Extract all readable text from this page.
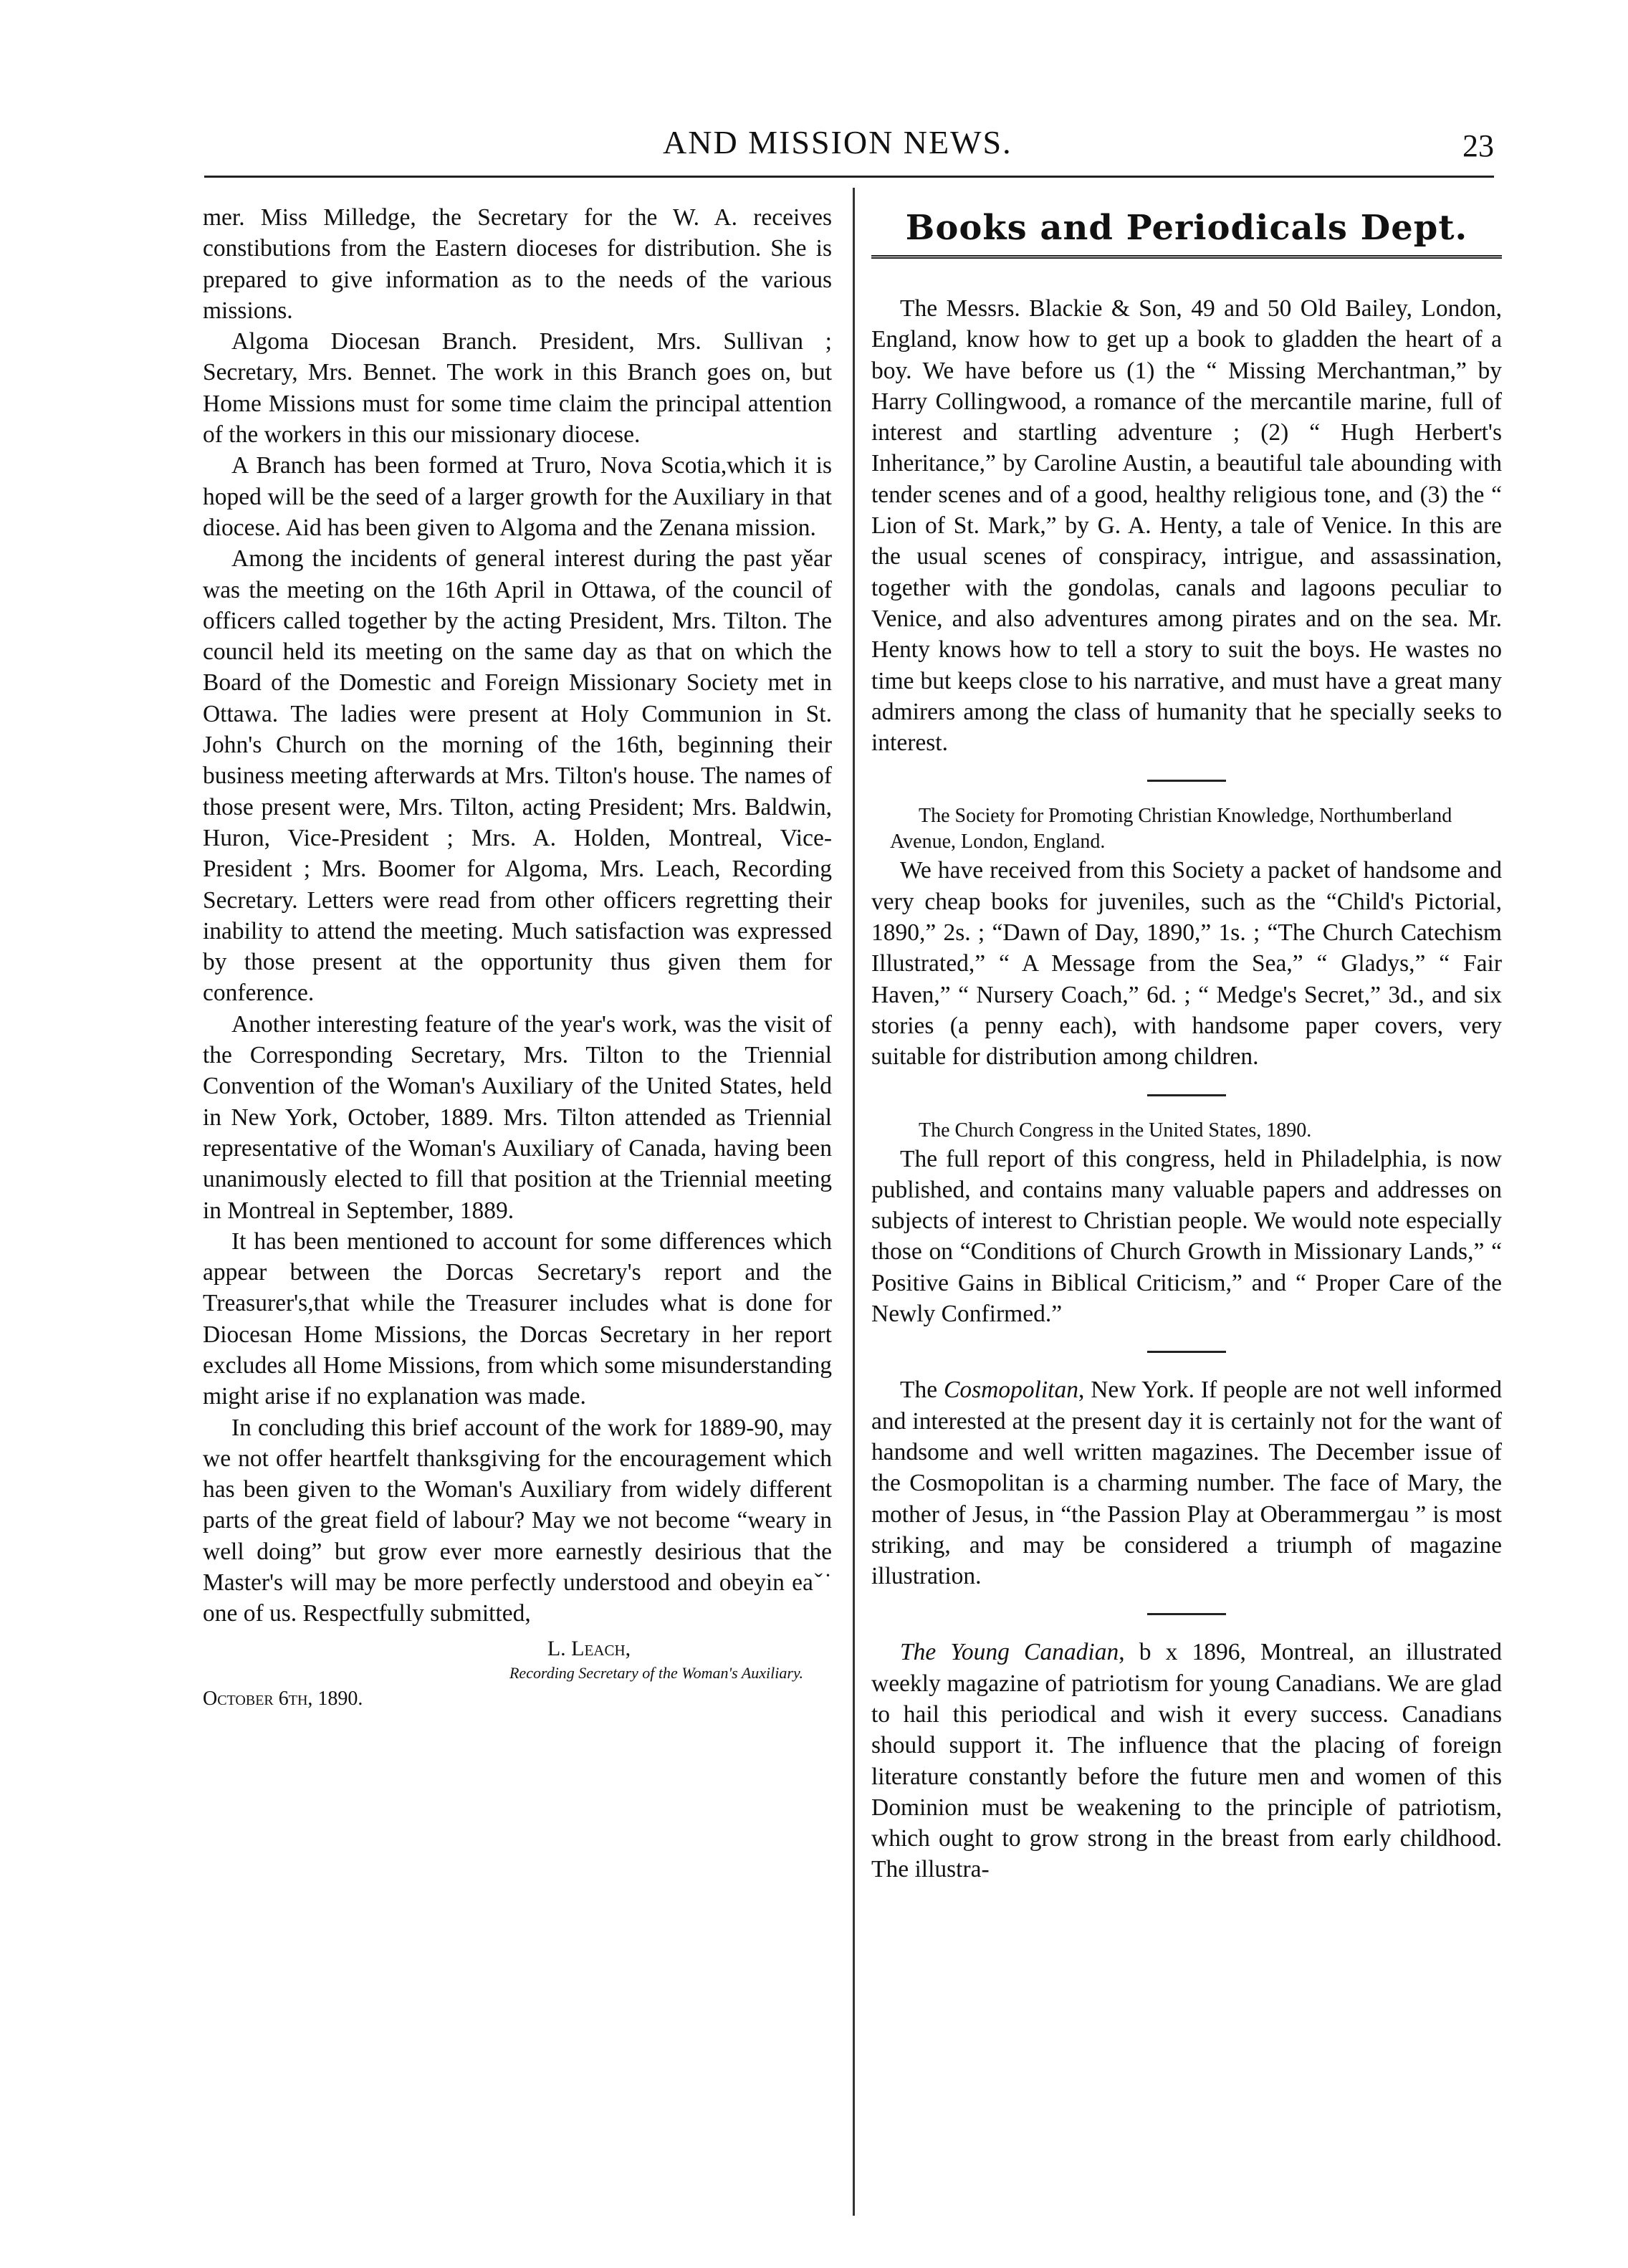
AND MISSION NEWS.	23

mer. Miss Milledge, the Secretary for the W. A. receives constibutions from the Eastern dioceses for distribution. She is prepared to give information as to the needs of the various missions.

Algoma Diocesan Branch. President, Mrs. Sullivan ; Secretary, Mrs. Bennet. The work in this Branch goes on, but Home Missions must for some time claim the principal attention of the workers in this our missionary diocese.

A Branch has been formed at Truro, Nova Scotia,which it is hoped will be the seed of a larger growth for the Auxiliary in that diocese. Aid has been given to Algoma and the Zenana mission.

Among the incidents of general interest during the past yěar was the meeting on the 16th April in Ottawa, of the council of officers called together by the acting President, Mrs. Tilton. The council held its meeting on the same day as that on which the Board of the Domestic and Foreign Missionary Society met in Ottawa. The ladies were present at Holy Communion in St. John's Church on the morning of the 16th, beginning their business meeting afterwards at Mrs. Tilton's house. The names of those present were, Mrs. Tilton, acting President; Mrs. Baldwin, Huron, Vice-President ; Mrs. A. Holden, Montreal, Vice-President ; Mrs. Boomer for Algoma, Mrs. Leach, Recording Secretary. Letters were read from other officers regretting their inability to attend the meeting. Much satisfaction was expressed by those present at the opportunity thus given them for conference.

Another interesting feature of the year's work, was the visit of the Corresponding Secretary, Mrs. Tilton to the Triennial Convention of the Woman's Auxiliary of the United States, held in New York, October, 1889. Mrs. Tilton attended as Triennial representative of the Woman's Auxiliary of Canada, having been unanimously elected to fill that position at the Triennial meeting in Montreal in September, 1889.

It has been mentioned to account for some differences which appear between the Dorcas Secretary's report and the Treasurer's,that while the Treasurer includes what is done for Diocesan Home Missions, the Dorcas Secretary in her report excludes all Home Missions, from which some misunderstanding might arise if no explanation was made.

In concluding this brief account of the work for 1889-90, may we not offer heartfelt thanksgiving for the encouragement which has been given to the Woman's Auxiliary from widely different parts of the great field of labour? May we not become “weary in well doing” but grow ever more earnestly desirious that the Master's will may be more perfectly understood and obeyin eaˇ˙ one of us. Respectfully submitted,

L. Leach,
Recording Secretary of the Woman's Auxiliary.
October 6th, 1890.
Books and Periodicals Dept.

The Messrs. Blackie & Son, 49 and 50 Old Bailey, London, England, know how to get up a book to gladden the heart of a boy. We have before us (1) the “ Missing Merchantman,” by Harry Collingwood, a romance of the mercantile marine, full of interest and startling adventure ; (2) “ Hugh Herbert's Inheritance,” by Caroline Austin, a beautiful tale abounding with tender scenes and of a good, healthy religious tone, and (3) the “ Lion of St. Mark,” by G. A. Henty, a tale of Venice. In this are the usual scenes of conspiracy, intrigue, and assassination, together with the gondolas, canals and lagoons peculiar to Venice, and also adventures among pirates and on the sea. Mr. Henty knows how to tell a story to suit the boys. He wastes no time but keeps close to his narrative, and must have a great many admirers among the class of humanity that he specially seeks to interest.

The Society for Promoting Christian Knowledge, Northumberland Avenue, London, England.

We have received from this Society a packet of handsome and very cheap books for juveniles, such as the “Child's Pictorial, 1890,” 2s. ; “Dawn of Day, 1890,” 1s. ; “The Church Catechism Illustrated,” “ A Message from the Sea,” “ Gladys,” “ Fair Haven,” “ Nursery Coach,” 6d. ; “ Medge's Secret,” 3d., and six stories (a penny each), with handsome paper covers, very suitable for distribution among children.

The Church Congress in the United States, 1890.

The full report of this congress, held in Philadelphia, is now published, and contains many valuable papers and addresses on subjects of interest to Christian people. We would note especially those on “Conditions of Church Growth in Missionary Lands,” “ Positive Gains in Biblical Criticism,” and “ Proper Care of the Newly Confirmed.”

The Cosmopolitan, New York. If people are not well informed and interested at the present day it is certainly not for the want of handsome and well written magazines. The December issue of the Cosmopolitan is a charming number. The face of Mary, the mother of Jesus, in “the Passion Play at Oberammergau ” is most striking, and may be considered a triumph of magazine illustration.

The Young Canadian, b x 1896, Montreal, an illustrated weekly magazine of patriotism for young Canadians. We are glad to hail this periodical and wish it every success. Canadians should support it. The influence that the placing of foreign literature constantly before the future men and women of this Dominion must be weakening to the principle of patriotism, which ought to grow strong in the breast from early childhood. The illustra-
